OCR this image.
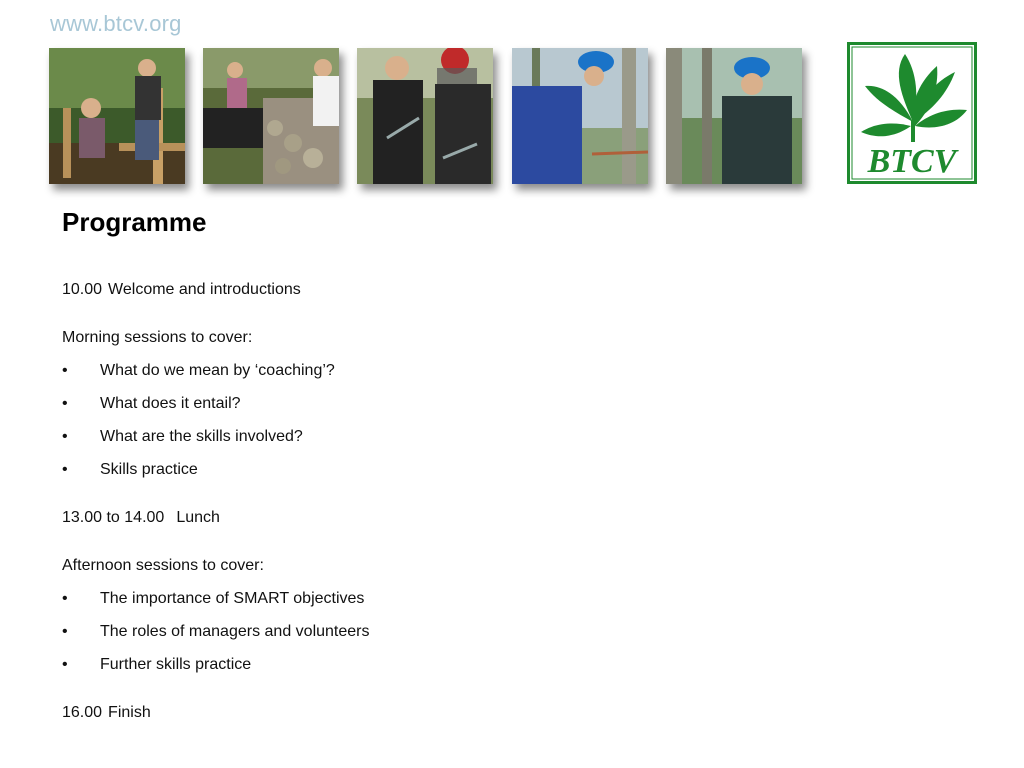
www.btcv.org
BTCV
Programme
10.00 Welcome and introductions
Morning sessions to cover:
• What do we mean by ‘coaching’?
• What does it entail?
• What are the skills involved?
• Skills practice
13.00 to 14.00 Lunch
Afternoon sessions to cover:
• The importance of SMART objectives
• The roles of managers and volunteers
• Further skills practice
16.00 Finish
